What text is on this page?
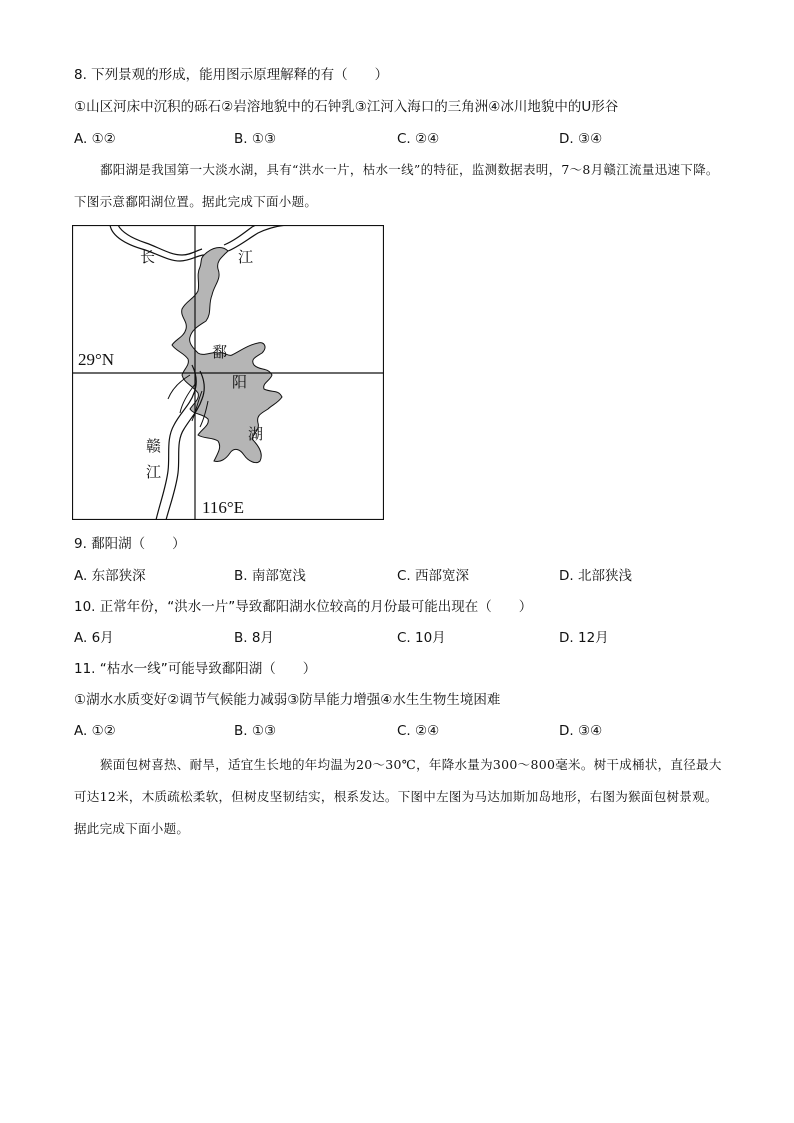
8. 下列景观的形成，能用图示原理解释的有（　　）
①山区河床中沉积的砾石②岩溶地貌中的石钟乳③江河入海口的三角洲④冰川地貌中的U形谷
A. ①②	B. ①③	C. ②④	D. ③④
鄱阳湖是我国第一大淡水湖，具有“洪水一片，枯水一线”的特征，监测数据表明，7～8月赣江流量迅速下降。下图示意鄱阳湖位置。据此完成下面小题。
长	江
鄱
阳
湖
赣
江
29°N
116°E
9. 鄱阳湖（　　）
A. 东部狭深	B. 南部宽浅	C. 西部宽深	D. 北部狭浅
10. 正常年份，“洪水一片”导致鄱阳湖水位较高的月份最可能出现在（　　）
A. 6月	B. 8月	C. 10月	D. 12月
11. “枯水一线”可能导致鄱阳湖（　　）
①湖水水质变好②调节气候能力减弱③防旱能力增强④水生生物生境困难
A. ①②	B. ①③	C. ②④	D. ③④
猴面包树喜热、耐旱，适宜生长地的年均温为20～30℃，年降水量为300～800毫米。树干成桶状，直径最大可达12米，木质疏松柔软，但树皮坚韧结实，根系发达。下图中左图为马达加斯加岛地形，右图为猴面包树景观。据此完成下面小题。
